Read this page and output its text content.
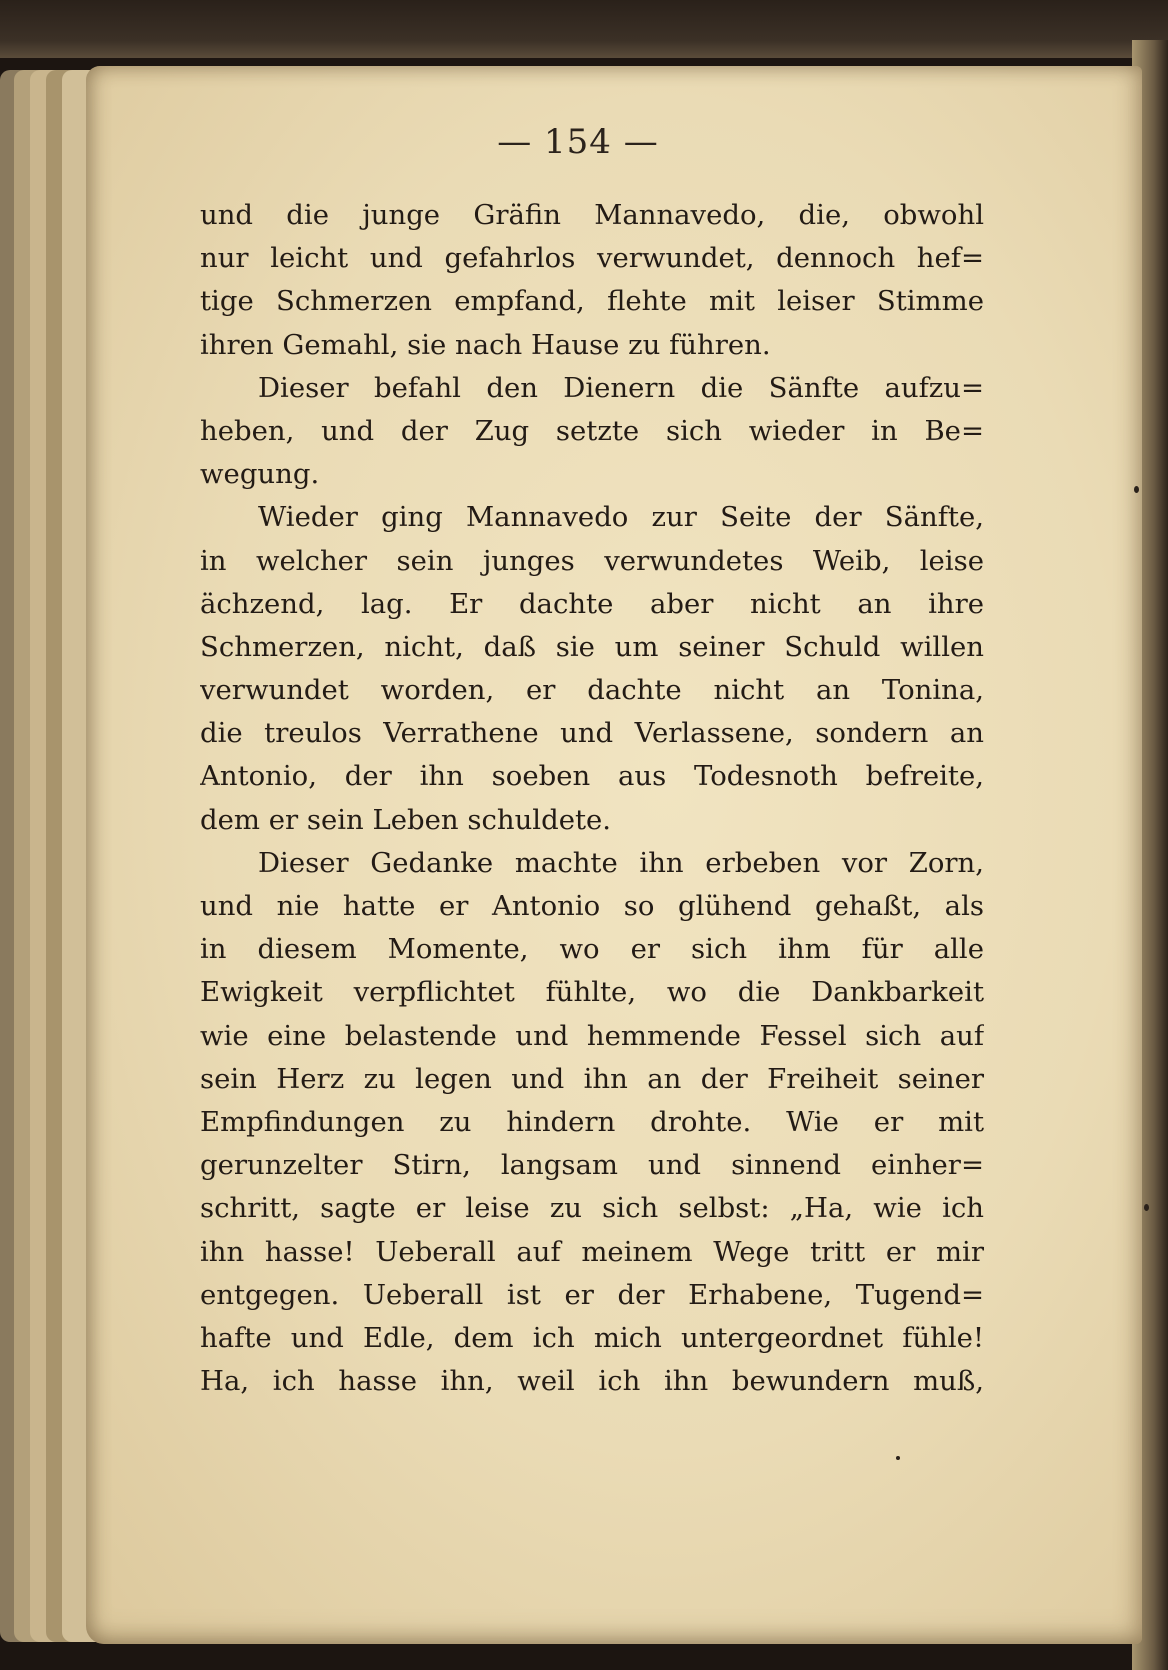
— 154 —
und die junge Gräfin Mannavedo, die, obwohl
nur leicht und gefahrlos verwundet, dennoch hef=
tige Schmerzen empfand, flehte mit leiser Stimme
ihren Gemahl, sie nach Hause zu führen.
Dieser befahl den Dienern die Sänfte aufzu=
heben, und der Zug setzte sich wieder in Be=
wegung.
Wieder ging Mannavedo zur Seite der Sänfte,
in welcher sein junges verwundetes Weib, leise
ächzend, lag. Er dachte aber nicht an ihre
Schmerzen, nicht, daß sie um seiner Schuld willen
verwundet worden, er dachte nicht an Tonina,
die treulos Verrathene und Verlassene, sondern an
Antonio, der ihn soeben aus Todesnoth befreite,
dem er sein Leben schuldete.
Dieser Gedanke machte ihn erbeben vor Zorn,
und nie hatte er Antonio so glühend gehaßt, als
in diesem Momente, wo er sich ihm für alle
Ewigkeit verpflichtet fühlte, wo die Dankbarkeit
wie eine belastende und hemmende Fessel sich auf
sein Herz zu legen und ihn an der Freiheit seiner
Empfindungen zu hindern drohte. Wie er mit
gerunzelter Stirn, langsam und sinnend einher=
schritt, sagte er leise zu sich selbst: „Ha, wie ich
ihn hasse! Ueberall auf meinem Wege tritt er mir
entgegen. Ueberall ist er der Erhabene, Tugend=
hafte und Edle, dem ich mich untergeordnet fühle!
Ha, ich hasse ihn, weil ich ihn bewundern muß,
